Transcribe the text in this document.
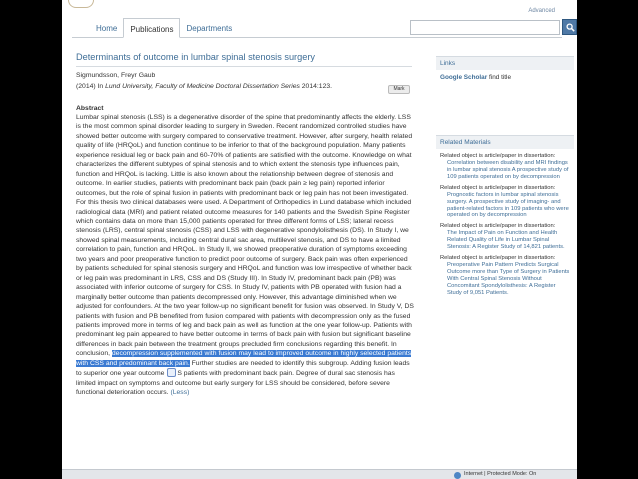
Advanced
Home	Publications	Departments
Determinants of outcome in lumbar spinal stenosis surgery
Sigmundsson, Freyr Gaub
(2014) In Lund University, Faculty of Medicine Doctoral Dissertation Series 2014:123.	Mark
Abstract
Lumbar spinal stenosis (LSS) is a degenerative disorder of the spine that predominantly affects the elderly. LSS is the most common spinal disorder leading to surgery in Sweden. Recent randomized controlled studies have showed better outcome with surgery compared to conservative treatment. However, after surgery, health related quality of life (HRQoL) and function continue to be inferior to that of the background population. Many patients experience residual leg or back pain and 60-70% of patients are satisfied with the outcome. Knowledge on what characterizes the different subtypes of spinal stenosis and to which extent the stenosis type influences pain, function and HRQoL is lacking. Little is also known about the relationship between degree of stenosis and outcome. In earlier studies, patients with predominant back pain (back pain ≥ leg pain) reported inferior outcomes, but the role of spinal fusion in patients with predominant back or leg pain has not been investigated. For this thesis two clinical databases were used. A Department of Orthopedics in Lund database which included radiological data (MRI) and patient related outcome measures for 140 patients and the Swedish Spine Register which contains data on more than 15,000 patients operated for three different forms of LSS; lateral recess stenosis (LRS), central spinal stenosis (CSS) and LSS with degenerative spondylolisthesis (DS). In Study I, we showed spinal measurements, including central dural sac area, multilevel stenosis, and DS to have a limited correlation to pain, function and HRQoL. In Study II, we showed preoperative duration of symptoms exceeding two years and poor preoperative function to predict poor outcome of surgery. Back pain was often experienced by patients scheduled for spinal stenosis surgery and HRQoL and function was low irrespective of whether back or leg pain was predominant in LRS, CSS and DS (Study III). In Study IV, predominant back pain (PB) was associated with inferior outcome of surgery for CSS. In Study IV, patients with PB operated with fusion had a marginally better outcome than patients decompressed only. However, this advantage diminished when we adjusted for confounders. At the two year follow-up no significant benefit for fusion was observed. In Study V, DS patients with fusion and PB benefited from fusion compared with patients with decompression only as the fused patients improved more in terms of leg and back pain as well as function at the one year follow-up. Patients with predominant leg pain appeared to have better outcome in terms of back pain with fusion but significant baseline differences in back pain between the treatment groups precluded firm conclusions regarding this benefit. In conclusion, decompression supplemented with fusion may lead to improved outcome in highly selected patients with CSS and predominant back pain. Further studies are needed to identify this subgroup. Adding fusion leads to superior one year outcome S patients with predominant back pain. Degree of dural sac stenosis has limited impact on symptoms and outcome but early surgery for LSS should be considered, before severe functional deterioration occurs. (Less)
Links
Google Scholar find title
Related Materials
Related object is article/paper in dissertation:
Correlation between disability and MRI findings in lumbar spinal stenosis A prospective study of 109 patients operated on by decompression
Related object is article/paper in dissertation:
Prognostic factors in lumbar spinal stenosis surgery. A prospective study of imaging- and patient-related factors in 109 patients who were operated on by decompression
Related object is article/paper in dissertation:
The Impact of Pain on Function and Health Related Quality of Life in Lumbar Spinal Stenosis: A Register Study of 14,821 patients.
Related object is article/paper in dissertation:
Preoperative Pain Pattern Predicts Surgical Outcome more than Type of Surgery in Patients With Central Spinal Stenosis Without Concomitant Spondylolisthesis: A Register Study of 9,051 Patients.
Internet | Protected Mode: On
